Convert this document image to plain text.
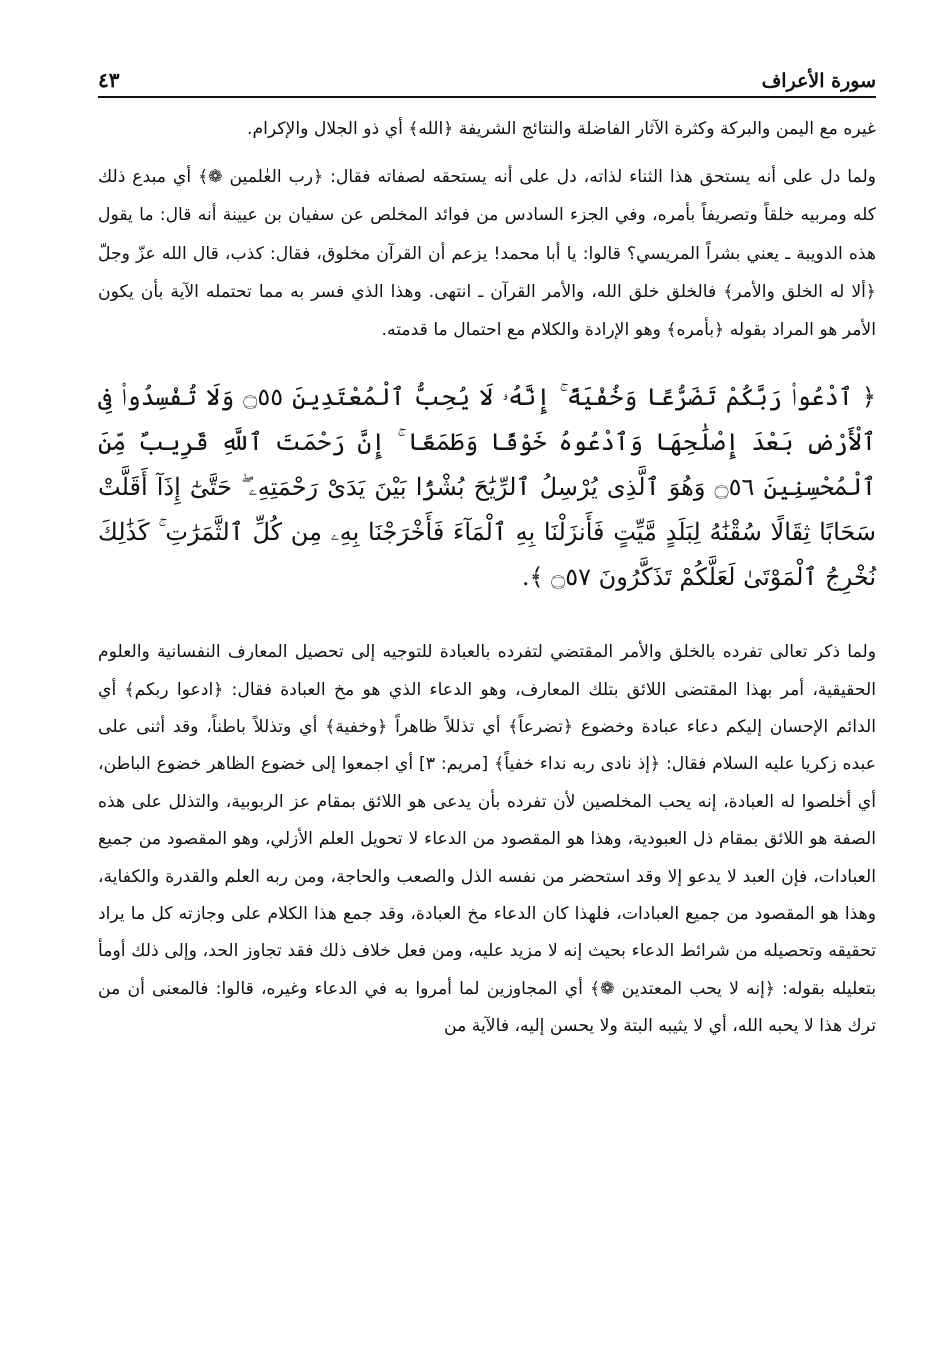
سورة الأعراف
٤٣

غيره مع اليمن والبركة وكثرة الآثار الفاضلة والنتائج الشريفة ﴿الله﴾ أي ذو الجلال والإكرام.

ولما دل على أنه يستحق هذا الثناء لذاته، دل على أنه يستحقه لصفاته فقال: ﴿رب العٰلمين ❁﴾ أي مبدع ذلك كله ومربيه خلقاً وتصريفاً بأمره، وفي الجزء السادس من فوائد المخلص عن سفيان بن عيينة أنه قال: ما يقول هذه الدويبة ـ يعني بشراً المريسي؟ قالوا: يا أبا محمد! يزعم أن القرآن مخلوق، فقال: كذب، قال الله عزّ وجلّ ﴿ألا له الخلق والأمر﴾ فالخلق خلق الله، والأمر القرآن ـ انتهى. وهذا الذي فسر به مما تحتمله الآية بأن يكون الأمر هو المراد بقوله ﴿بأمره﴾ وهو الإرادة والكلام مع احتمال ما قدمته.

﴿ ٱدْعُوا۟ رَبَّكُمْ تَضَرُّعًا وَخُفْيَةً ۚ إِنَّهُۥ لَا يُحِبُّ ٱلْمُعْتَدِينَ ۝٥٥ وَلَا تُفْسِدُوا۟ فِى ٱلْأَرْضِ بَعْدَ إِصْلَٰحِهَا وَٱدْعُوهُ خَوْفًا وَطَمَعًا ۚ إِنَّ رَحْمَتَ ٱللَّهِ قَرِيبٌ مِّنَ ٱلْمُحْسِنِينَ ۝٥٦ وَهُوَ ٱلَّذِى يُرْسِلُ ٱلرِّيَٰحَ بُشْرًۢا بَيْنَ يَدَىْ رَحْمَتِهِۦ ۖ حَتَّىٰٓ إِذَآ أَقَلَّتْ سَحَابًا ثِقَالًا سُقْنَٰهُ لِبَلَدٍ مَّيِّتٍ فَأَنزَلْنَا بِهِ ٱلْمَآءَ فَأَخْرَجْنَا بِهِۦ مِن كُلِّ ٱلثَّمَرَٰتِ ۚ كَذَٰلِكَ نُخْرِجُ ٱلْمَوْتَىٰ لَعَلَّكُمْ تَذَكَّرُونَ ۝٥٧ ﴾.

ولما ذكر تعالى تفرده بالخلق والأمر المقتضي لتفرده بالعبادة للتوجيه إلى تحصيل المعارف النفسانية والعلوم الحقيقية، أمر بهذا المقتضى اللائق بتلك المعارف، وهو الدعاء الذي هو مخ العبادة فقال: ﴿ادعوا ربكم﴾ أي الدائم الإحسان إليكم دعاء عبادة وخضوع ﴿تضرعاً﴾ أي تذللاً ظاهراً ﴿وخفية﴾ أي وتذللاً باطناً، وقد أثنى على عبده زكريا عليه السلام فقال: ﴿إذ نادى ربه نداء خفياً﴾ [مريم: ٣] أي اجمعوا إلى خضوع الظاهر خضوع الباطن، أي أخلصوا له العبادة، إنه يحب المخلصين لأن تفرده بأن يدعى هو اللائق بمقام عز الربوبية، والتذلل على هذه الصفة هو اللائق بمقام ذل العبودية، وهذا هو المقصود من الدعاء لا تحويل العلم الأزلي، وهو المقصود من جميع العبادات، فإن العبد لا يدعو إلا وقد استحضر من نفسه الذل والصعب والحاجة، ومن ربه العلم والقدرة والكفاية، وهذا هو المقصود من جميع العبادات، فلهذا كان الدعاء مخ العبادة، وقد جمع هذا الكلام على وجازته كل ما يراد تحقيقه وتحصيله من شرائط الدعاء بحيث إنه لا مزيد عليه، ومن فعل خلاف ذلك فقد تجاوز الحد، وإلى ذلك أومأ بتعليله بقوله: ﴿إنه لا يحب المعتدين ❁﴾ أي المجاوزين لما أمروا به في الدعاء وغيره، قالوا: فالمعنى أن من ترك هذا لا يحبه الله، أي لا يثيبه البتة ولا يحسن إليه، فالآية من
